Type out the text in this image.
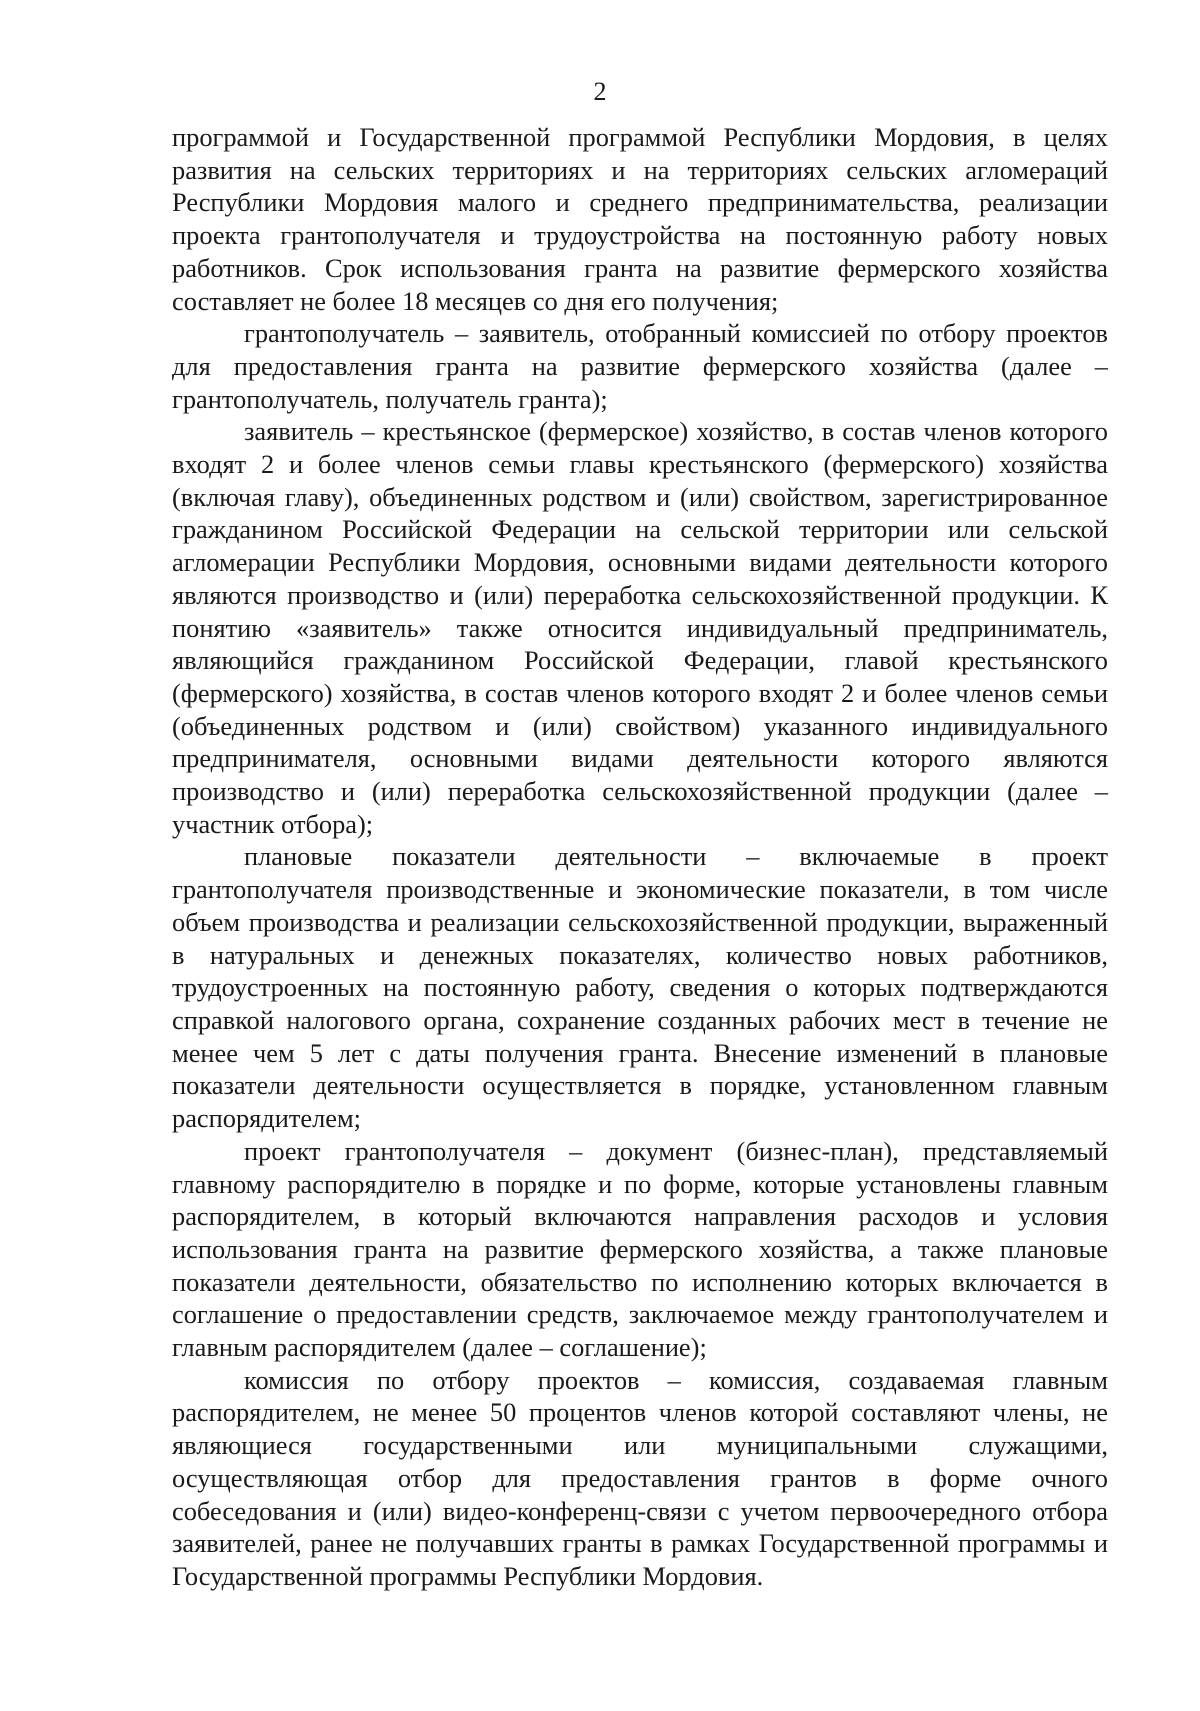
2

программой и Государственной программой Республики Мордовия, в целях развития на сельских территориях и на территориях сельских агломераций Республики Мордовия малого и среднего предпринимательства, реализации проекта грантополучателя и трудоустройства на постоянную работу новых работников. Срок использования гранта на развитие фермерского хозяйства составляет не более 18 месяцев со дня его получения;

грантополучатель – заявитель, отобранный комиссией по отбору проектов для предоставления гранта на развитие фермерского хозяйства (далее – грантополучатель, получатель гранта);

заявитель – крестьянское (фермерское) хозяйство, в состав членов которого входят 2 и более членов семьи главы крестьянского (фермерского) хозяйства (включая главу), объединенных родством и (или) свойством, зарегистрированное гражданином Российской Федерации на сельской территории или сельской агломерации Республики Мордовия, основными видами деятельности которого являются производство и (или) переработка сельскохозяйственной продукции. К понятию «заявитель» также относится индивидуальный предприниматель, являющийся гражданином Российской Федерации, главой крестьянского (фермерского) хозяйства, в состав членов которого входят 2 и более членов семьи (объединенных родством и (или) свойством) указанного индивидуального предпринимателя, основными видами деятельности которого являются производство и (или) переработка сельскохозяйственной продукции (далее – участник отбора);

плановые показатели деятельности – включаемые в проект грантополучателя производственные и экономические показатели, в том числе объем производства и реализации сельскохозяйственной продукции, выраженный в натуральных и денежных показателях, количество новых работников, трудоустроенных на постоянную работу, сведения о которых подтверждаются справкой налогового органа, сохранение созданных рабочих мест в течение не менее чем 5 лет с даты получения гранта. Внесение изменений в плановые показатели деятельности осуществляется в порядке, установленном главным распорядителем;

проект грантополучателя – документ (бизнес-план), представляемый главному распорядителю в порядке и по форме, которые установлены главным распорядителем, в который включаются направления расходов и условия использования гранта на развитие фермерского хозяйства, а также плановые показатели деятельности, обязательство по исполнению которых включается в соглашение о предоставлении средств, заключаемое между грантополучателем и главным распорядителем (далее – соглашение);

комиссия по отбору проектов – комиссия, создаваемая главным распорядителем, не менее 50 процентов членов которой составляют члены, не являющиеся государственными или муниципальными служащими, осуществляющая отбор для предоставления грантов в форме очного собеседования и (или) видео-конференц-связи с учетом первоочередного отбора заявителей, ранее не получавших гранты в рамках Государственной программы и Государственной программы Республики Мордовия.
